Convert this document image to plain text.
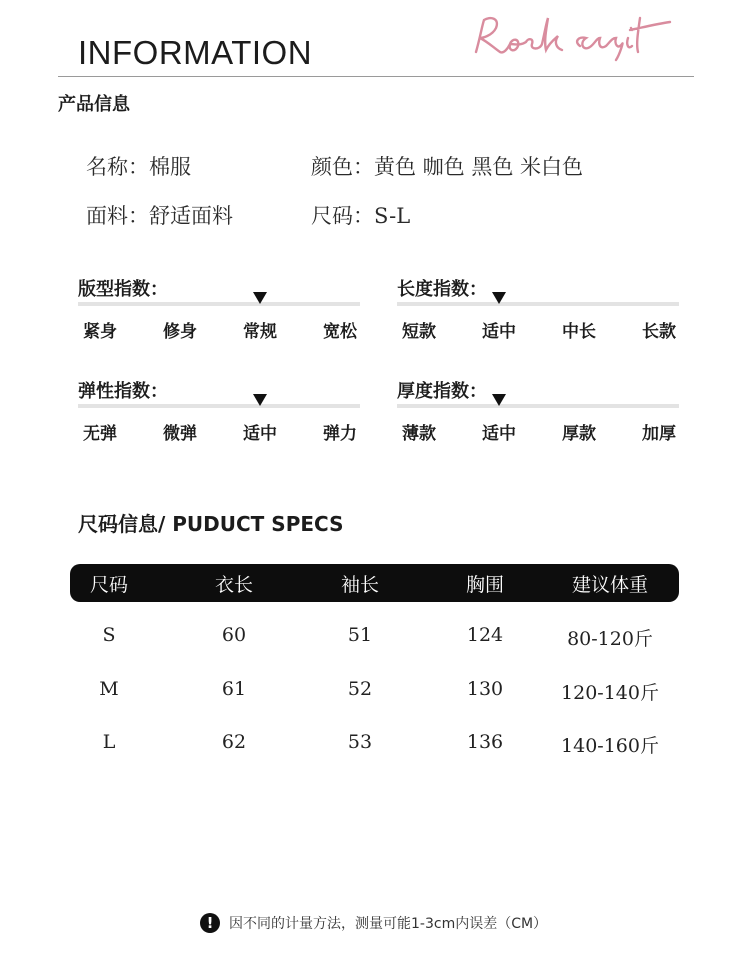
INFORMATION
产品信息
名称：棉服	颜色：黄色 咖色 黑色 米白色
面料：舒适面料	尺码：S-L
版型指数：
紧身	修身	常规	宽松
长度指数：
短款	适中	中长	长款
弹性指数：
无弹	微弹	适中	弹力
厚度指数：
薄款	适中	厚款	加厚
尺码信息/ PUDUCT SPECS
尺码	衣长	袖长	胸围	建议体重
S	60	51	124	80-120斤
M	61	52	130	120-140斤
L	62	53	136	140-160斤
!	因不同的计量方法，测量可能1-3cm内误差（CM）
